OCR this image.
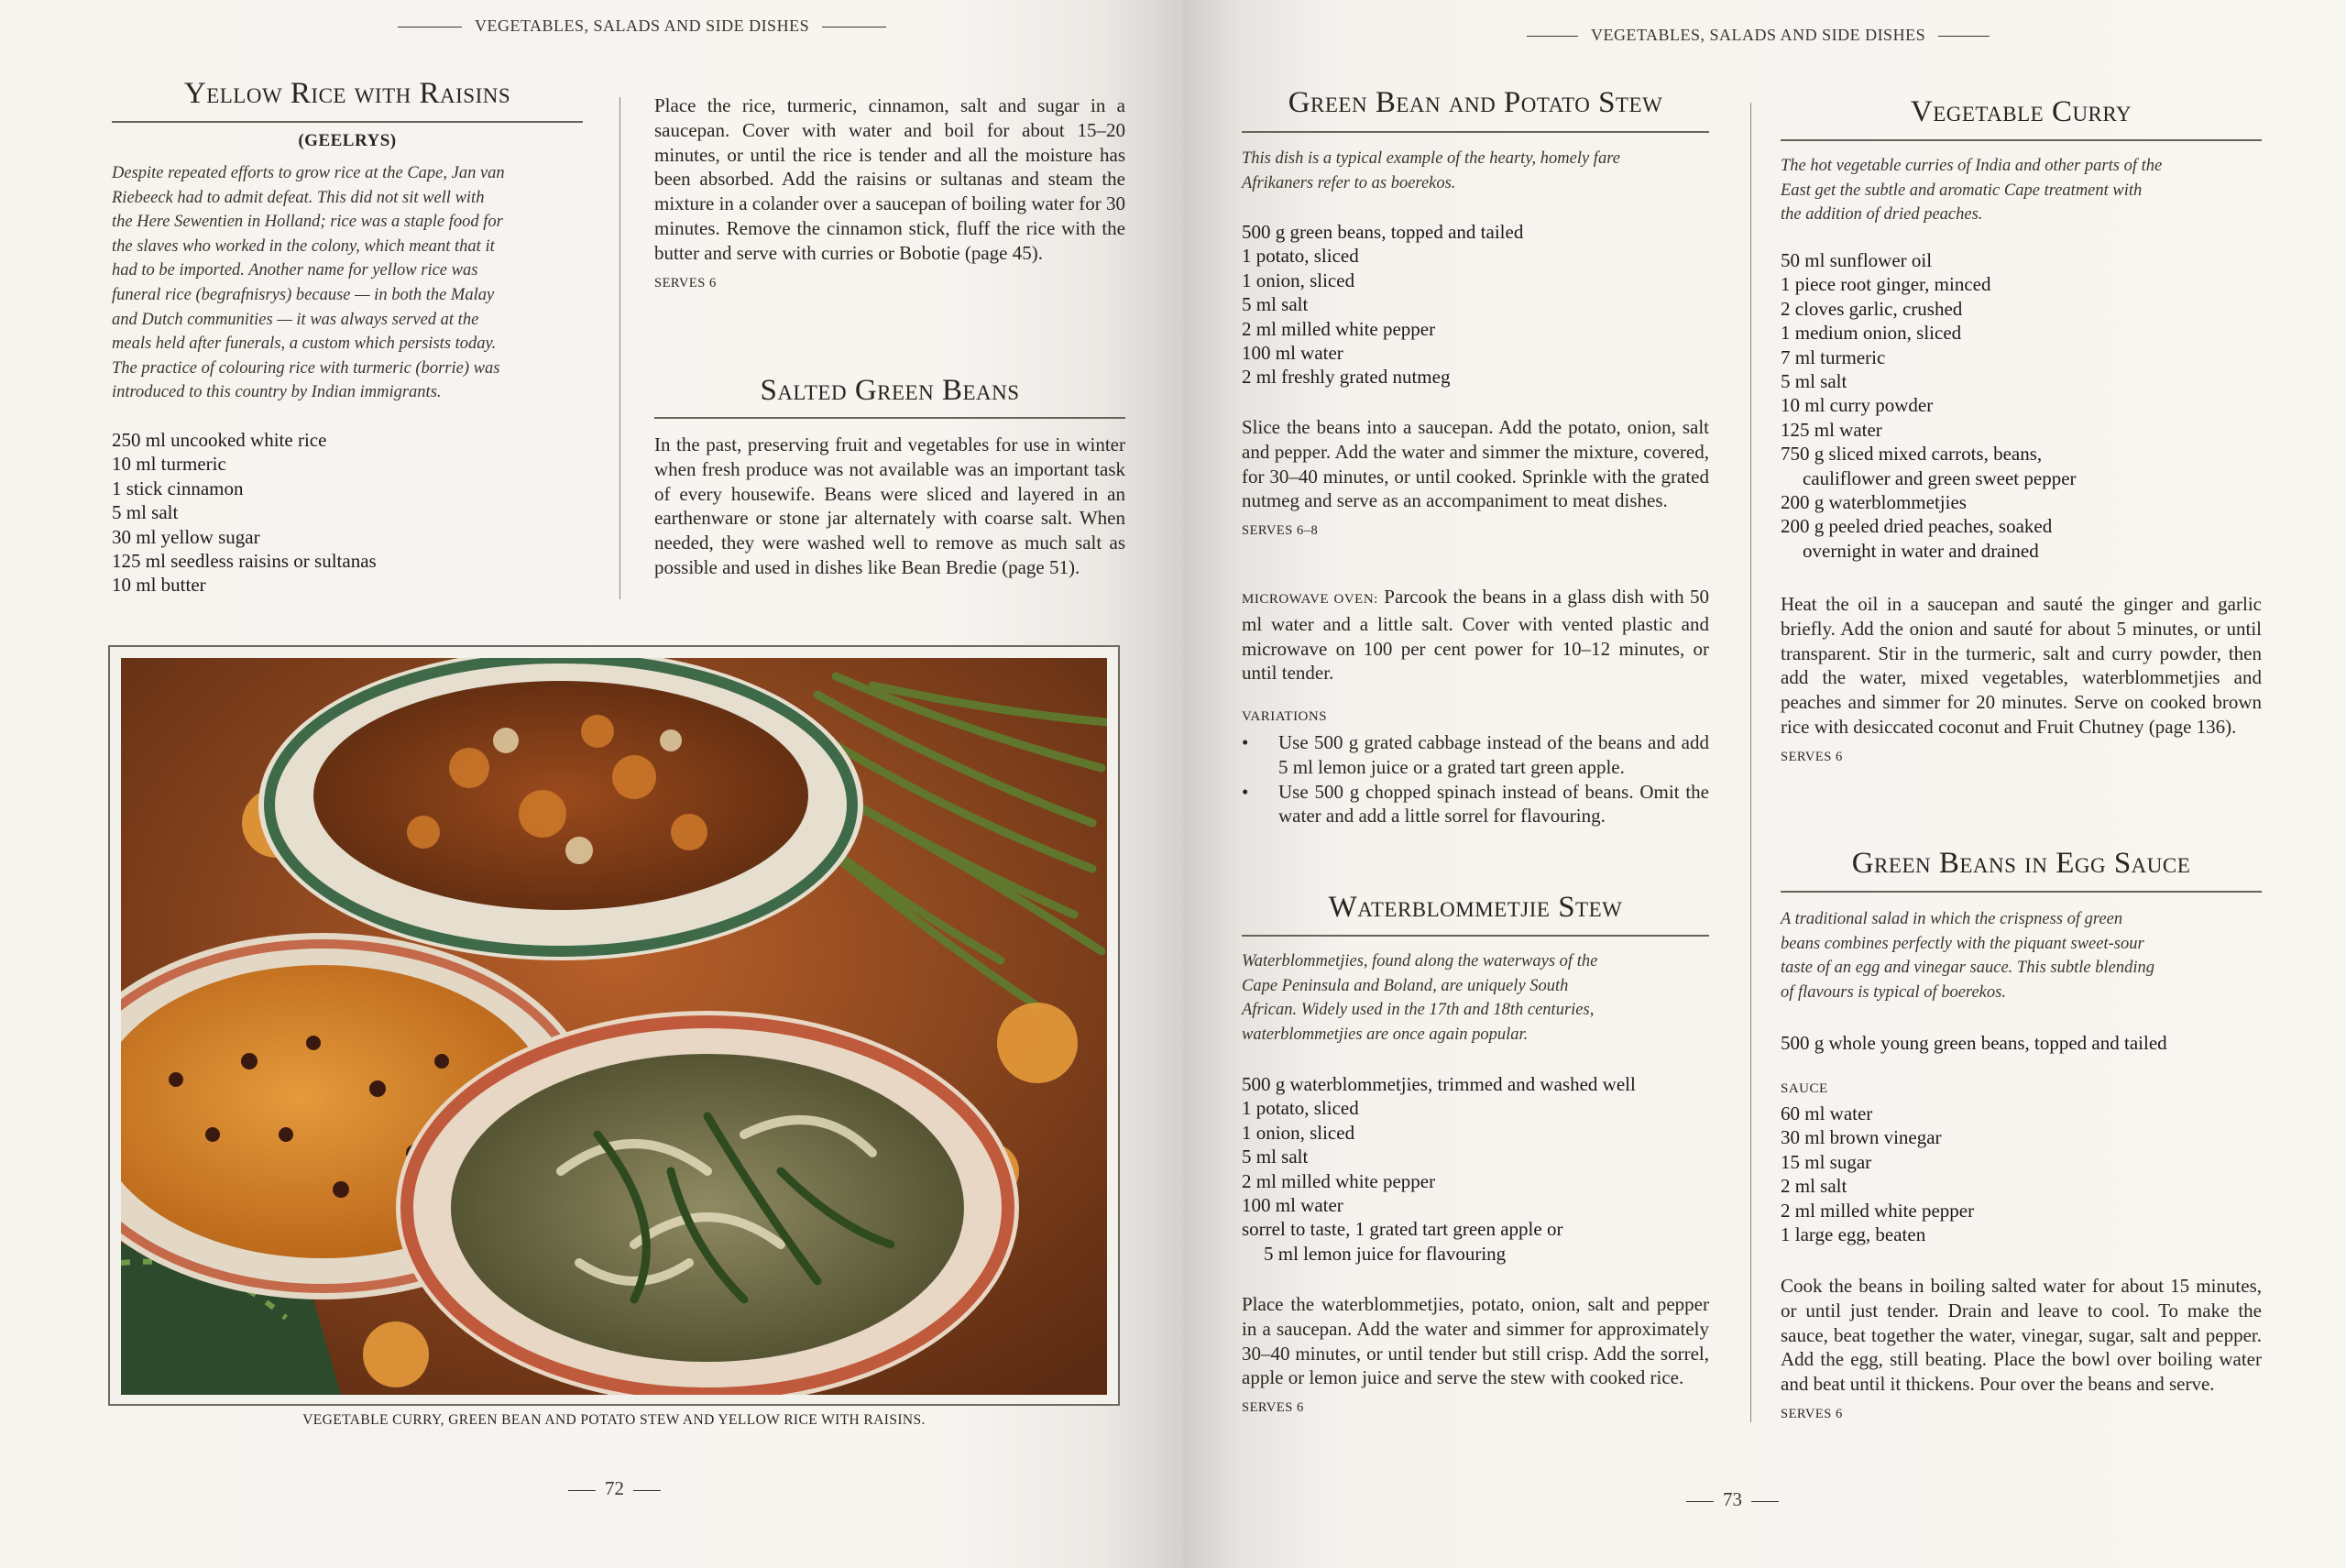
VEGETABLES, SALADS AND SIDE DISHES
Yellow Rice with Raisins
(GEELRYS)
Despite repeated efforts to grow rice at the Cape, Jan van
Riebeeck had to admit defeat. This did not sit well with
the Here Sewentien in Holland; rice was a staple food for
the slaves who worked in the colony, which meant that it
had to be imported. Another name for yellow rice was
funeral rice (begrafnisrys) because — in both the Malay
and Dutch communities — it was always served at the
meals held after funerals, a custom which persists today.
The practice of colouring rice with turmeric (borrie) was
introduced to this country by Indian immigrants.
250 ml uncooked white rice
10 ml turmeric
1 stick cinnamon
5 ml salt
30 ml yellow sugar
125 ml seedless raisins or sultanas
10 ml butter

Place the rice, turmeric, cinnamon, salt and sugar in a saucepan. Cover with water and boil for about 15–20 minutes, or until the rice is tender and all the moisture has been absorbed. Add the raisins or sultanas and steam the mixture in a colander over a saucepan of boiling water for 30 minutes. Remove the cinnamon stick, fluff the rice with the butter and serve with curries or Bobotie (page 45).

SERVES 6
Salted Green Beans

In the past, preserving fruit and vegetables for use in winter when fresh produce was not available was an important task of every housewife. Beans were sliced and layered in an earthenware or stone jar alternately with coarse salt. When needed, they were washed well to remove as much salt as possible and used in dishes like Bean Bredie (page 51).

VEGETABLE CURRY, GREEN BEAN AND POTATO STEW AND YELLOW RICE WITH RAISINS.
72
VEGETABLES, SALADS AND SIDE DISHES
Green Bean and Potato Stew
This dish is a typical example of the hearty, homely fare
Afrikaners refer to as boerekos.
500 g green beans, topped and tailed
1 potato, sliced
1 onion, sliced
5 ml salt
2 ml milled white pepper
100 ml water
2 ml freshly grated nutmeg

Slice the beans into a saucepan. Add the potato, onion, salt and pepper. Add the water and simmer the mixture, covered, for 30–40 minutes, or until cooked. Sprinkle with the grated nutmeg and serve as an accompaniment to meat dishes.

SERVES 6–8

MICROWAVE OVEN: Parcook the beans in a glass dish with 50 ml water and a little salt. Cover with vented plastic and microwave on 100 per cent power for 10–12 minutes, or until tender.

VARIATIONS

• Use 500 g grated cabbage instead of the beans and add 5 ml lemon juice or a grated tart green apple.

• Use 500 g chopped spinach instead of beans. Omit the water and add a little sorrel for flavouring.

Waterblommetjie Stew
Waterblommetjies, found along the waterways of the
Cape Peninsula and Boland, are uniquely South
African. Widely used in the 17th and 18th centuries,
waterblommetjies are once again popular.
500 g waterblommetjies, trimmed and washed well
1 potato, sliced
1 onion, sliced
5 ml salt
2 ml milled white pepper
100 ml water
sorrel to taste, 1 grated tart green apple or
5 ml lemon juice for flavouring

Place the waterblommetjies, potato, onion, salt and pepper in a saucepan. Add the water and simmer for approximately 30–40 minutes, or until tender but still crisp. Add the sorrel, apple or lemon juice and serve the stew with cooked rice.

SERVES 6
Vegetable Curry
The hot vegetable curries of India and other parts of the
East get the subtle and aromatic Cape treatment with
the addition of dried peaches.
50 ml sunflower oil
1 piece root ginger, minced
2 cloves garlic, crushed
1 medium onion, sliced
7 ml turmeric
5 ml salt
10 ml curry powder
125 ml water
750 g sliced mixed carrots, beans,
cauliflower and green sweet pepper
200 g waterblommetjies
200 g peeled dried peaches, soaked
overnight in water and drained

Heat the oil in a saucepan and sauté the ginger and garlic briefly. Add the onion and sauté for about 5 minutes, or until transparent. Stir in the turmeric, salt and curry powder, then add the water, mixed vegetables, waterblommetjies and peaches and simmer for 20 minutes. Serve on cooked brown rice with desiccated coconut and Fruit Chutney (page 136).

SERVES 6
Green Beans in Egg Sauce
A traditional salad in which the crispness of green
beans combines perfectly with the piquant sweet-sour
taste of an egg and vinegar sauce. This subtle blending
of flavours is typical of boerekos.
500 g whole young green beans, topped and tailed
SAUCE
60 ml water
30 ml brown vinegar
15 ml sugar
2 ml salt
2 ml milled white pepper
1 large egg, beaten

Cook the beans in boiling salted water for about 15 minutes, or until just tender. Drain and leave to cool. To make the sauce, beat together the water, vinegar, sugar, salt and pepper. Add the egg, still beating. Place the bowl over boiling water and beat until it thickens. Pour over the beans and serve.

SERVES 6
73
